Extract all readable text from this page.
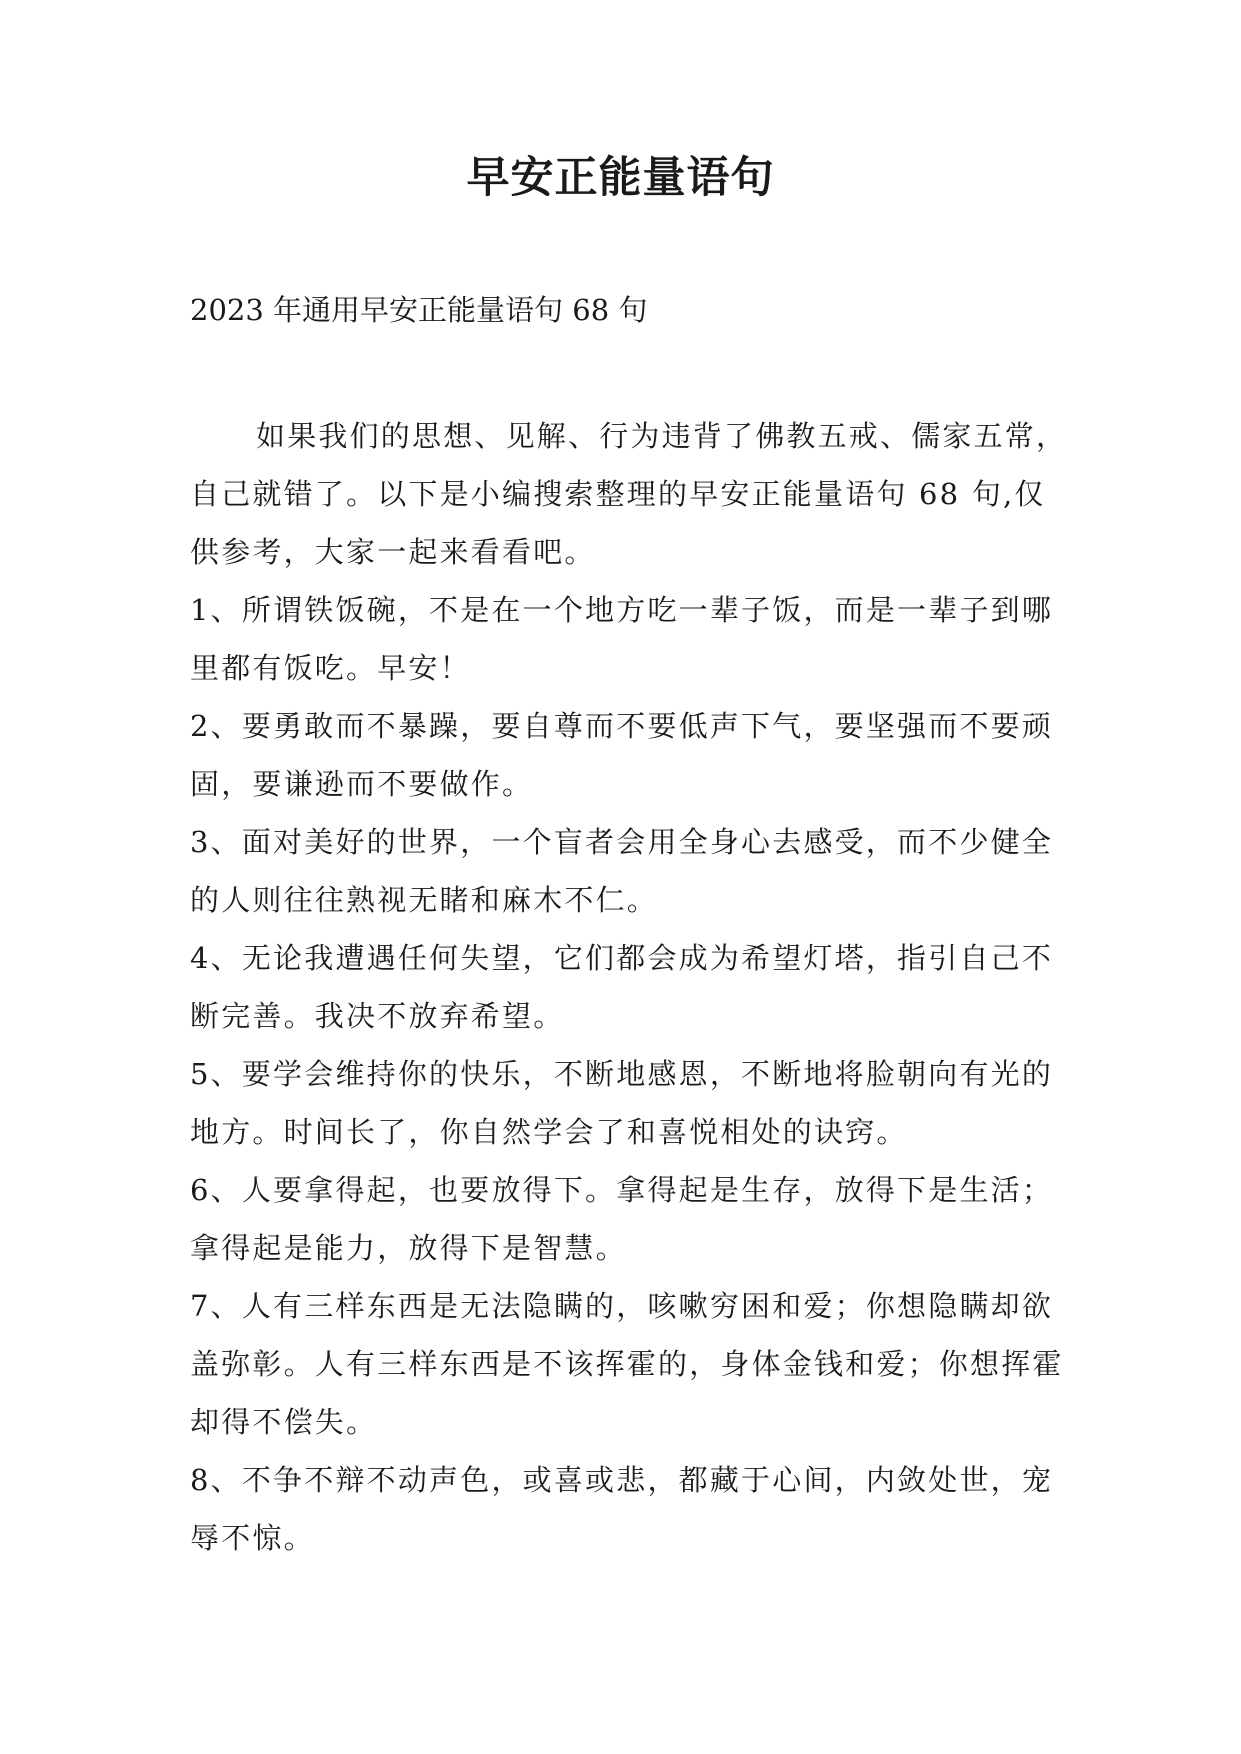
早安正能量语句

2023 年通用早安正能量语句 68 句

如果我们的思想、见解、行为违背了佛教五戒、儒家五常，自己就错了。以下是小编搜索整理的早安正能量语句 68 句,仅供参考，大家一起来看看吧。

1、所谓铁饭碗，不是在一个地方吃一辈子饭，而是一辈子到哪里都有饭吃。早安！

2、要勇敢而不暴躁，要自尊而不要低声下气，要坚强而不要顽固，要谦逊而不要做作。

3、面对美好的世界，一个盲者会用全身心去感受，而不少健全的人则往往熟视无睹和麻木不仁。

4、无论我遭遇任何失望，它们都会成为希望灯塔，指引自己不断完善。我决不放弃希望。

5、要学会维持你的快乐，不断地感恩，不断地将脸朝向有光的地方。时间长了，你自然学会了和喜悦相处的诀窍。

6、人要拿得起，也要放得下。拿得起是生存，放得下是生活；拿得起是能力，放得下是智慧。

7、人有三样东西是无法隐瞒的，咳嗽穷困和爱；你想隐瞒却欲盖弥彰。人有三样东西是不该挥霍的，身体金钱和爱；你想挥霍却得不偿失。

8、不争不辩不动声色，或喜或悲，都藏于心间，内敛处世，宠辱不惊。
